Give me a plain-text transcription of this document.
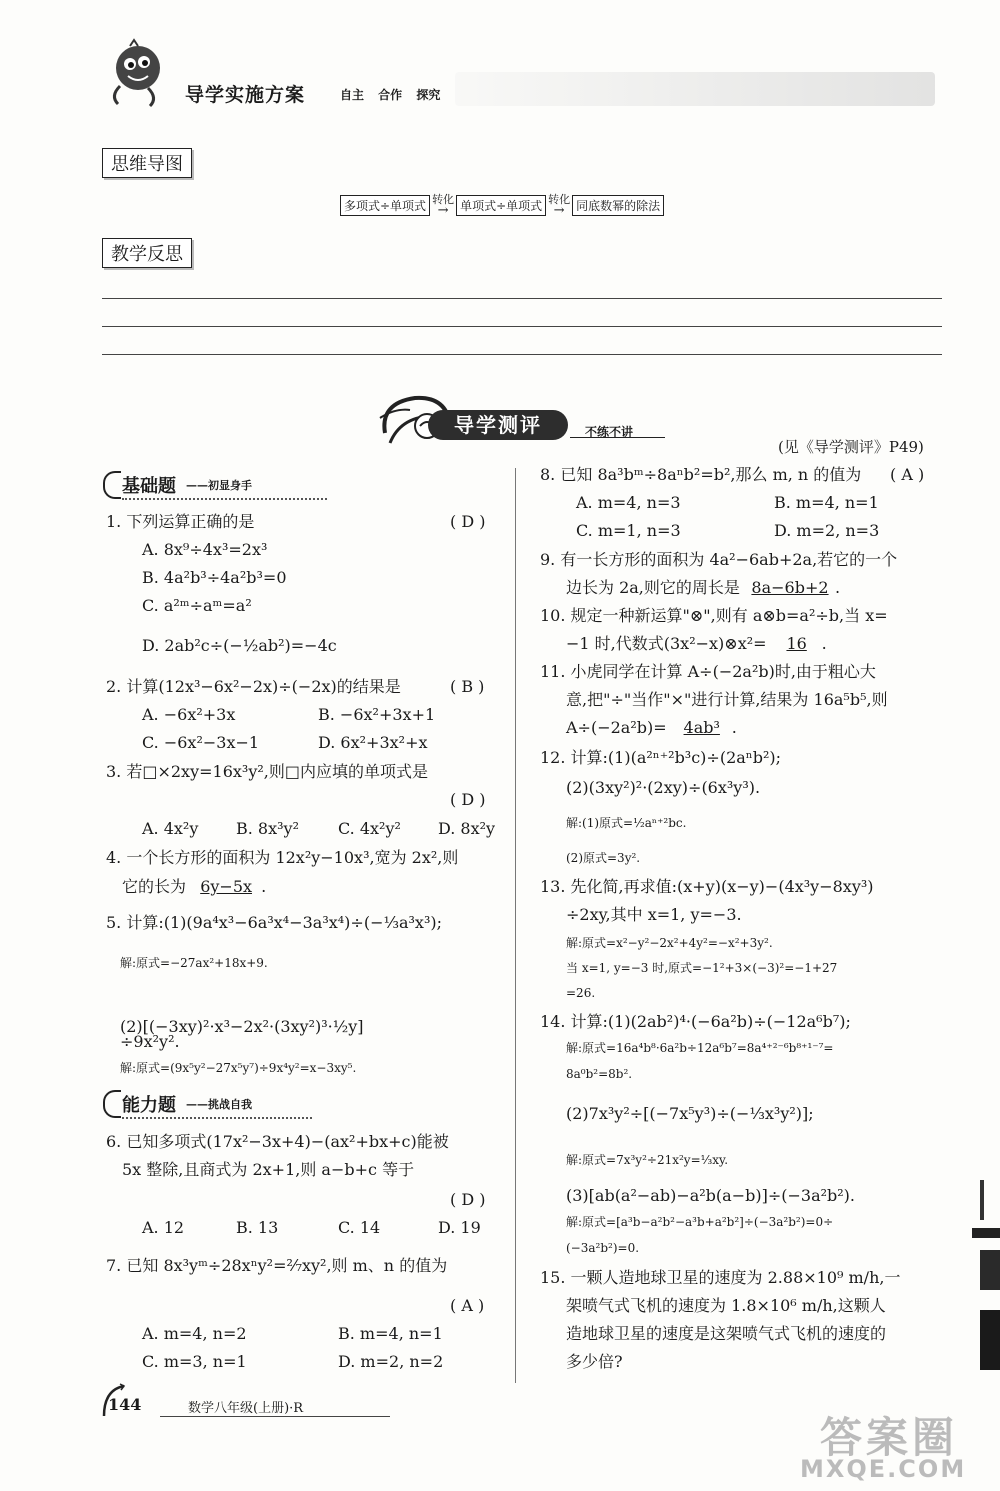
导学实施方案	自主 合作 探究
思维导图
多项式÷单项式 转化
→ 单项式÷单项式 转化
→ 同底数幂的除法
教学反思
导学测评	不练不讲
(见《导学测评》P49)
基础题 ——初显身手
1. 下列运算正确的是	( D )
A. 8x⁹÷4x³=2x³
B. 4a²b³÷4a²b³=0
C. a²ᵐ÷aᵐ=a²
D. 2ab²c÷(−½ab²)=−4c
2. 计算(12x³−6x²−2x)÷(−2x)的结果是	( B )
A. −6x²+3x	B. −6x²+3x+1
C. −6x²−3x−1	D. 6x²+3x²+x
3. 若□×2xy=16x³y²,则□内应填的单项式是
( D )
A. 4x²y B. 8x³y² C. 4x²y² D. 8x²y
4. 一个长方形的面积为 12x²y−10x³,宽为 2x²,则
它的长为 6y−5x .
5. 计算:(1)(9a⁴x³−6a³x⁴−3a³x⁴)÷(−⅓a³x³);
解:原式=−27ax²+18x+9.
(2)[(−3xy)²·x³−2x²·(3xy²)³·½y]
÷9x²y².
解:原式=(9x⁵y²−27x⁵y⁷)÷9x⁴y²=x−3xy⁵.
能力题 ——挑战自我
6. 已知多项式(17x²−3x+4)−(ax²+bx+c)能被
5x 整除,且商式为 2x+1,则 a−b+c 等于
( D )
A. 12	B. 13	C. 14	D. 19
7. 已知 8x³yᵐ÷28xⁿy²=²⁄₇xy²,则 m、n 的值为
( A )
A. m=4, n=2	B. m=4, n=1
C. m=3, n=1	D. m=2, n=2
8. 已知 8a³bᵐ÷8aⁿb²=b²,那么 m, n 的值为 ( A )
A. m=4, n=3	B. m=4, n=1
C. m=1, n=3	D. m=2, n=3
9. 有一长方形的面积为 4a²−6ab+2a,若它的一个
边长为 2a,则它的周长是 8a−6b+2 .
10. 规定一种新运算"⊗",则有 a⊗b=a²÷b,当 x=
−1 时,代数式(3x²−x)⊗x²= 16 .
11. 小虎同学在计算 A÷(−2a²b)时,由于粗心大
意,把"÷"当作"×"进行计算,结果为 16a⁵b⁵,则
A÷(−2a²b)= 4ab³ .
12. 计算:(1)(a²ⁿ⁺²b³c)÷(2aⁿb²);
(2)(3xy²)²·(2xy)÷(6x³y³).
解:(1)原式=½aⁿ⁺²bc.
(2)原式=3y².
13. 先化简,再求值:(x+y)(x−y)−(4x³y−8xy³)
÷2xy,其中 x=1, y=−3.
解:原式=x²−y²−2x²+4y²=−x²+3y².
当 x=1, y=−3 时,原式=−1²+3×(−3)²=−1+27
=26.
14. 计算:(1)(2ab²)⁴·(−6a²b)÷(−12a⁶b⁷);
解:原式=16a⁴b⁸·6a²b÷12a⁶b⁷=8a⁴⁺²⁻⁶b⁸⁺¹⁻⁷=
8a⁰b²=8b².
(2)7x³y²÷[(−7x⁵y³)÷(−⅓x³y²)];
解:原式=7x³y²÷21x²y=⅓xy.
(3)[ab(a²−ab)−a²b(a−b)]÷(−3a²b²).
解:原式=[a³b−a²b²−a³b+a²b²]÷(−3a²b²)=0÷
(−3a²b²)=0.
15. 一颗人造地球卫星的速度为 2.88×10⁹ m/h,一
架喷气式飞机的速度为 1.8×10⁶ m/h,这颗人
造地球卫星的速度是这架喷气式飞机的速度的
多少倍?
144	数学八年级(上册)·R
答案圈
MXQE.COM
